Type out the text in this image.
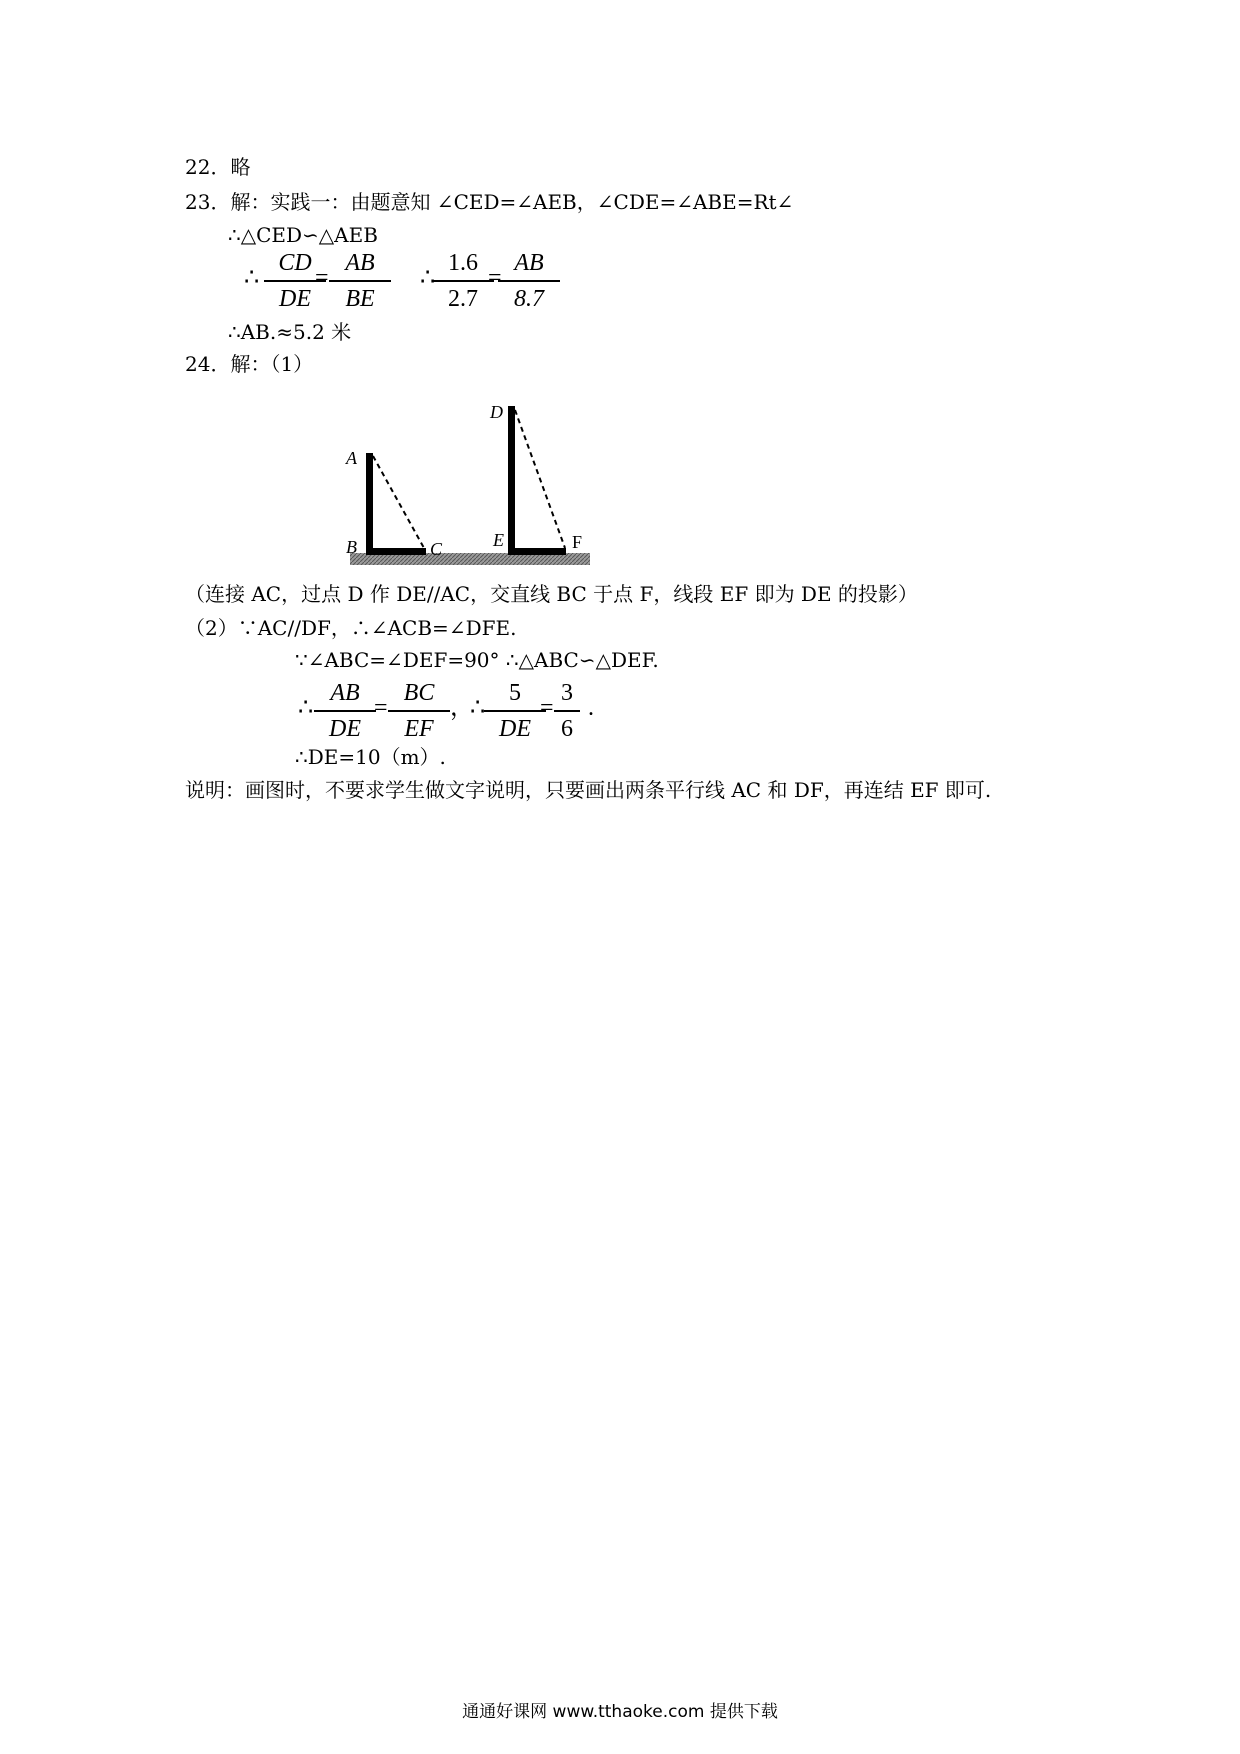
22．略
23．解：实践一：由题意知 ∠CED=∠AEB，∠CDE=∠ABE=Rt∠
∴△CED∽△AEB
∴
CD
DE
=
AB
BE
∴
1.6
2.7
=
AB
8.7
∴AB.≈5.2 米
24．解：（1）
A
B	C
D
E	F
（连接 AC，过点 D 作 DE//AC，交直线 BC 于点 F，线段 EF 即为 DE 的投影）
（2）∵AC//DF，∴∠ACB=∠DFE.
∵∠ABC=∠DEF=90° ∴△ABC∽△DEF.
∴
AB
DE
=
BC
EF
，
∴
5
DE
=
3
6
.
∴DE=10（m）.
说明：画图时，不要求学生做文字说明，只要画出两条平行线 AC 和 DF，再连结 EF 即可.
通通好课网 www.tthaoke.com 提供下载
